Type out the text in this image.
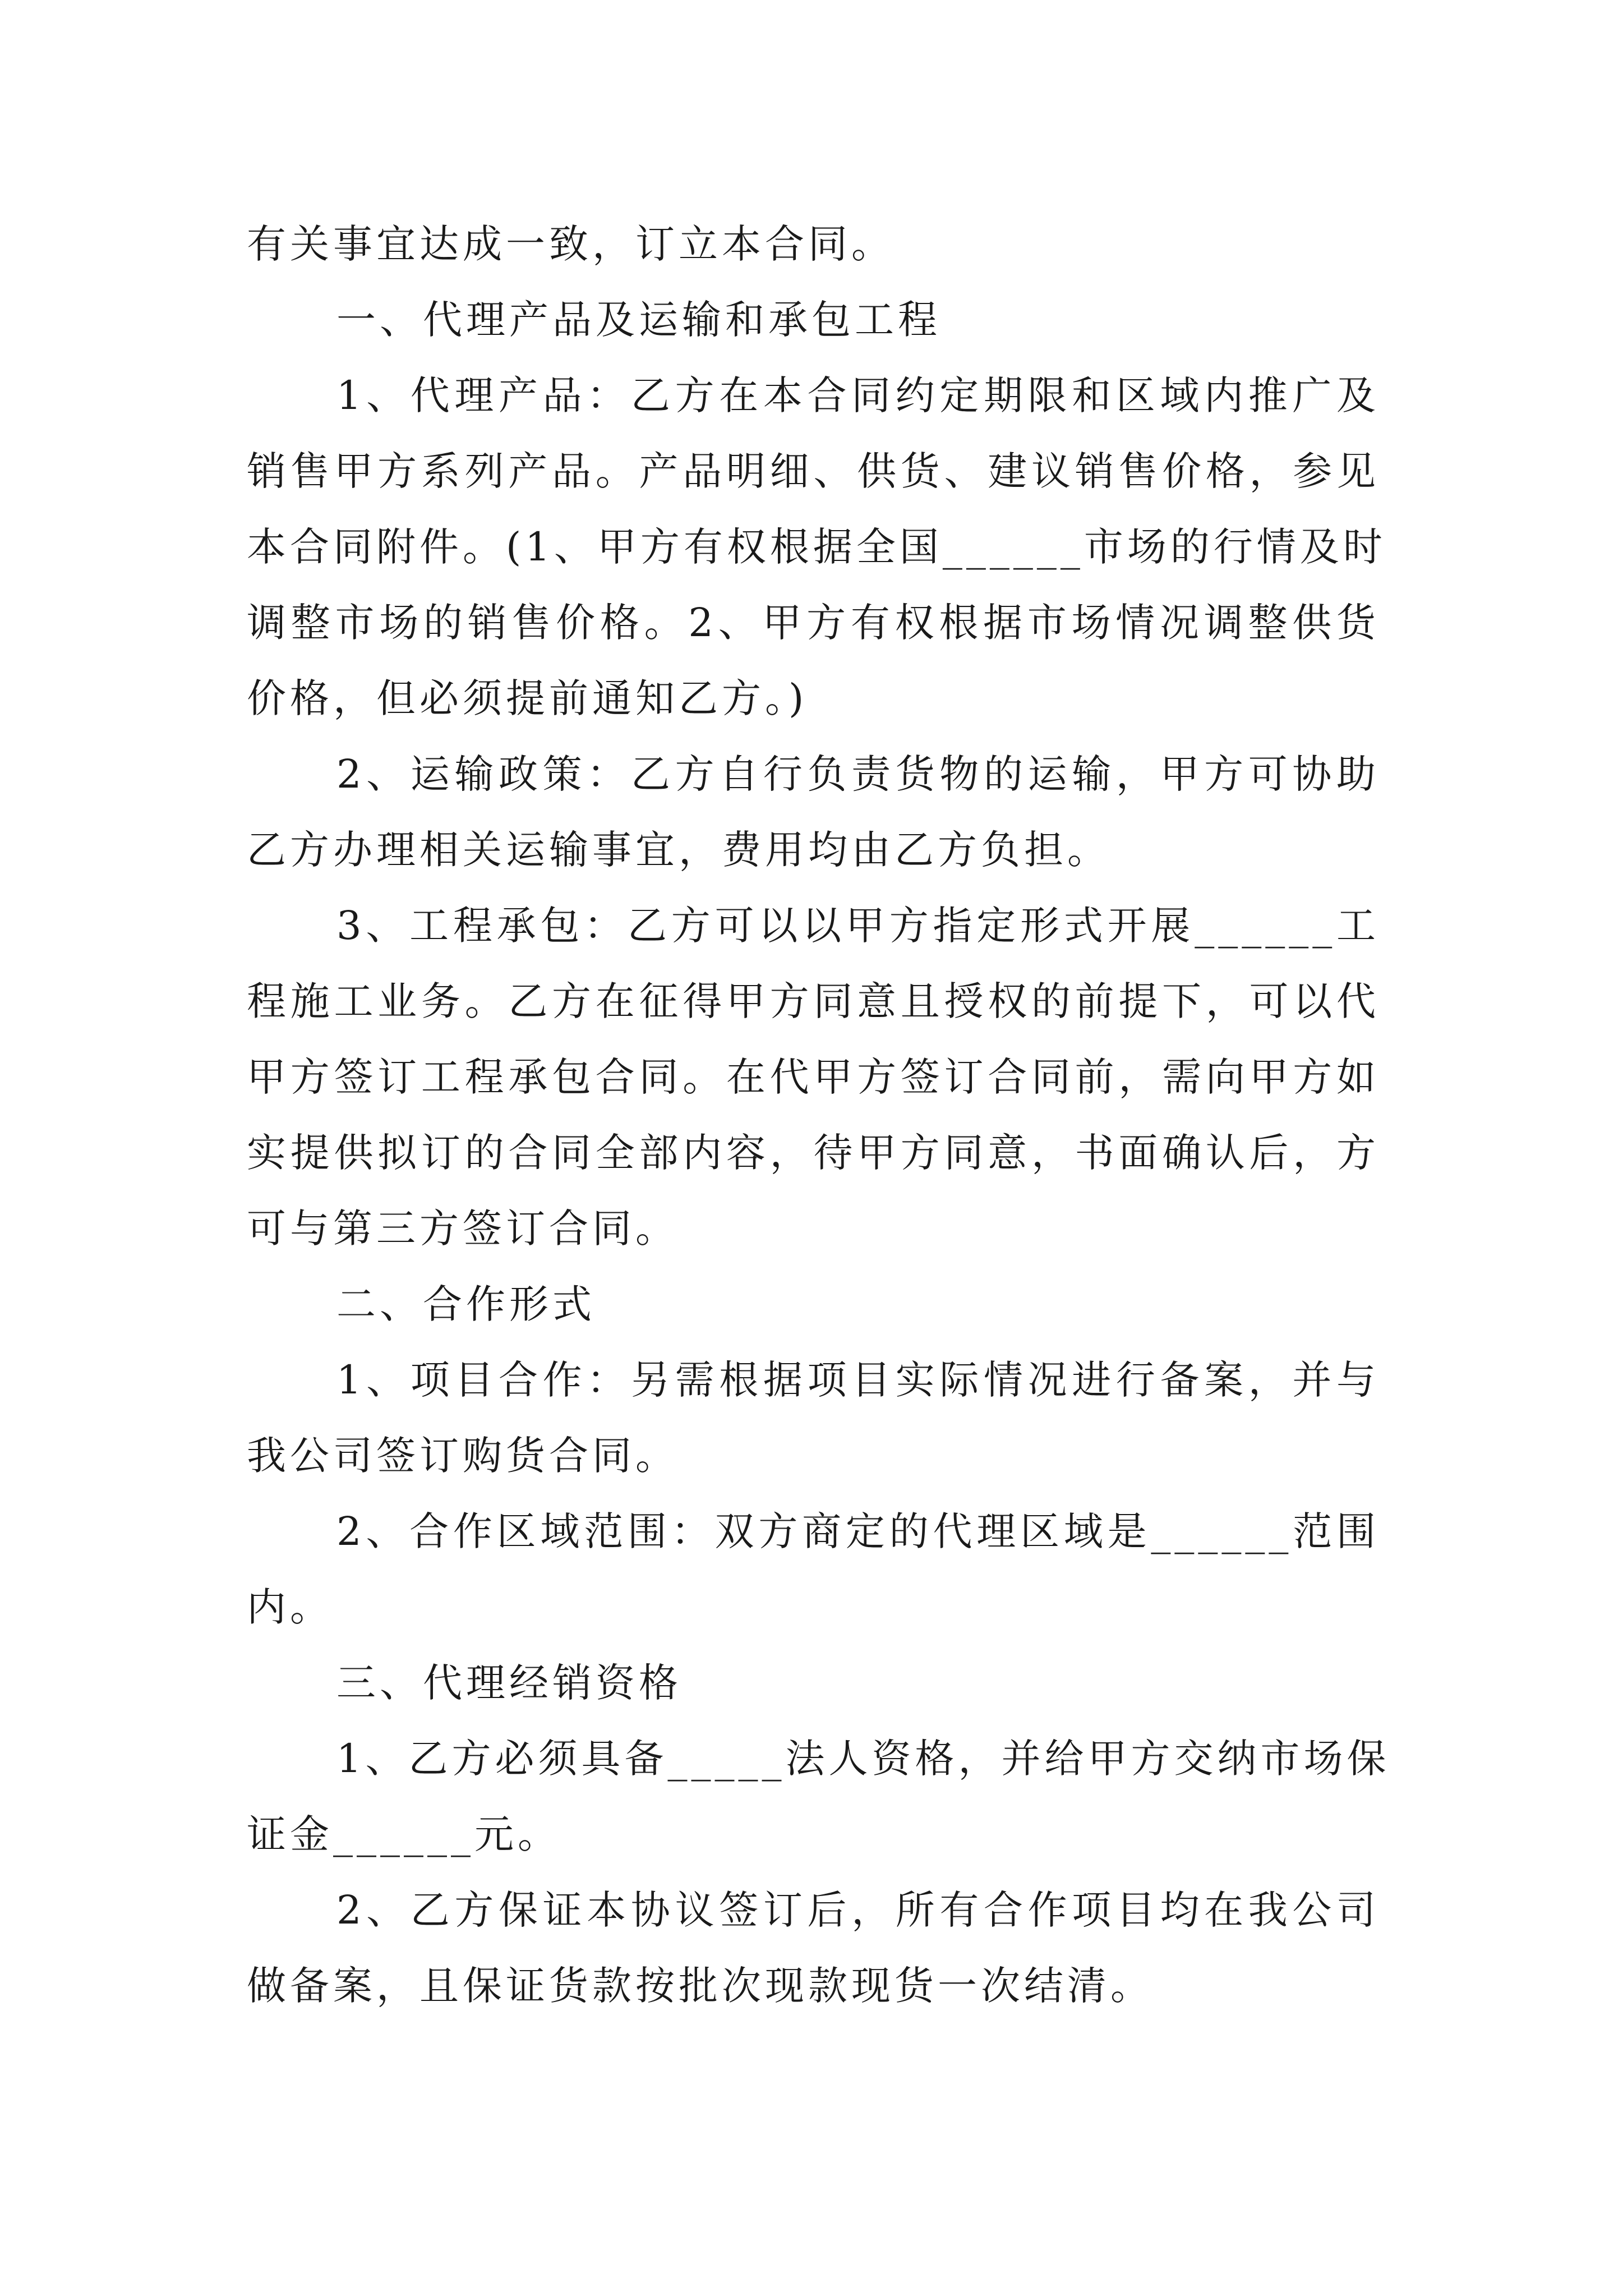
有关事宜达成一致，订立本合同。
一、代理产品及运输和承包工程
1、代理产品：乙方在本合同约定期限和区域内推广及
销售甲方系列产品。产品明细、供货、建议销售价格，参见
本合同附件。(1、甲方有权根据全国______市场的行情及时
调整市场的销售价格。2、甲方有权根据市场情况调整供货
价格，但必须提前通知乙方。)
2、运输政策：乙方自行负责货物的运输，甲方可协助
乙方办理相关运输事宜，费用均由乙方负担。
3、工程承包：乙方可以以甲方指定形式开展______工
程施工业务。乙方在征得甲方同意且授权的前提下，可以代
甲方签订工程承包合同。在代甲方签订合同前，需向甲方如
实提供拟订的合同全部内容，待甲方同意，书面确认后，方
可与第三方签订合同。
二、合作形式
1、项目合作：另需根据项目实际情况进行备案，并与
我公司签订购货合同。
2、合作区域范围：双方商定的代理区域是______范围
内。
三、代理经销资格
1、乙方必须具备_____法人资格，并给甲方交纳市场保
证金______元。
2、乙方保证本协议签订后，所有合作项目均在我公司
做备案，且保证货款按批次现款现货一次结清。
